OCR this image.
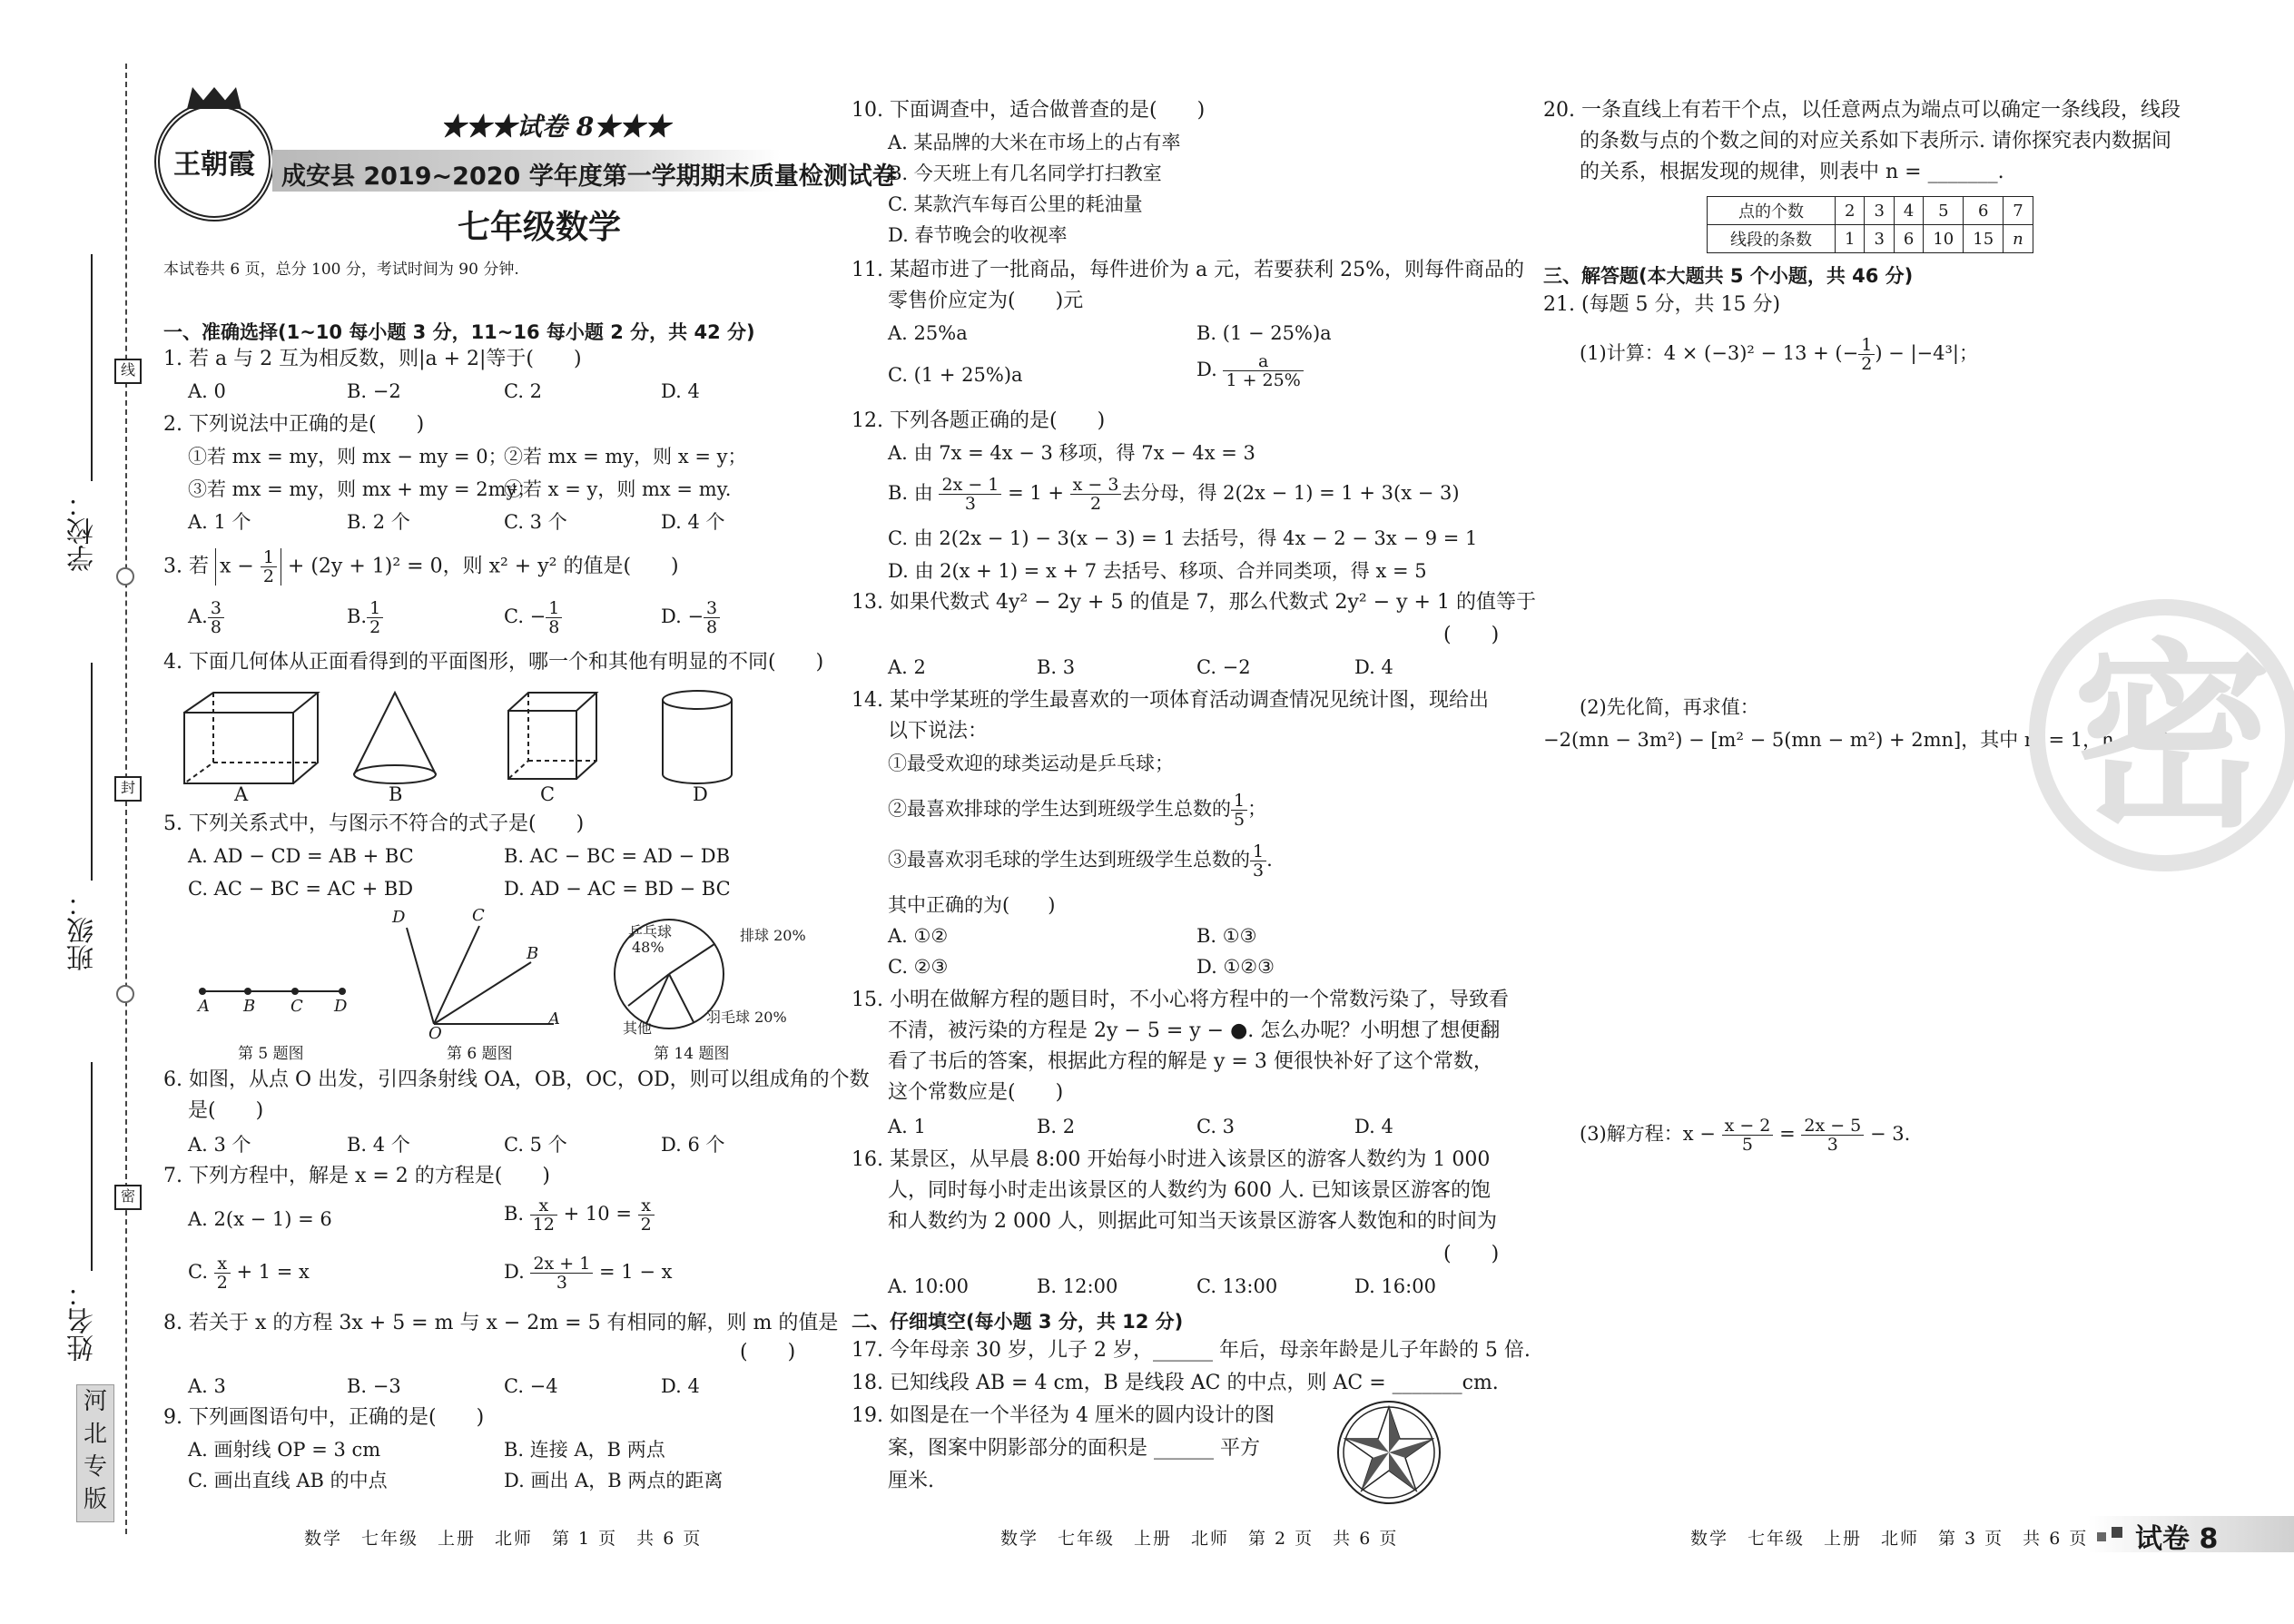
学校：
班级：
姓名：
线
封
密
河
北
专
版
王朝霞
★★★试卷 8★★★
成安县 2019~2020 学年度第一学期期末质量检测试卷
七年级数学
本试卷共 6 页，总分 100 分，考试时间为 90 分钟.
一、准确选择(1~10 每小题 3 分，11~16 每小题 2 分，共 42 分)
1. 若 a 与 2 互为相反数，则|a + 2|等于(　　)
A. 0	B. −2	C. 2	D. 4
2. 下列说法中正确的是(　　)
①若 mx = my，则 mx − my = 0；
②若 mx = my，则 x = y；
③若 mx = my，则 mx + my = 2my；
④若 x = y，则 mx = my.
A. 1 个	B. 2 个	C. 3 个	D. 4 个
3. 若 $x - \frac{1}{2} + (2y + 1)^2 = 0$，则 x² + y² 的值是(　　)
A. $\frac{3}{8}$	B. $\frac{1}{2}$	C. − $\frac{1}{8}$	D. − $\frac{3}{8}$
4. 下面几何体从正面看得到的平面图形，哪一个和其他有明显的不同(　　)
A	B	C	D
5. 下列关系式中，与图示不符合的式子是(　　)
A. AD − CD = AB + BC	B. AC − BC = AD − DB
C. AC − BC = AC + BD	D. AD − AC = BD − BC
A B C D
第 5 题图
D	C
B
A
O
第 6 题图
乒乓球
48%
排球 20%
羽毛球 20%
其他
第 14 题图
6. 如图，从点 O 出发，引四条射线 OA，OB，OC，OD，则可以组成角的个数
是(　　)
A. 3 个	B. 4 个	C. 5 个	D. 6 个
7. 下列方程中，解是 x = 2 的方程是(　　)
A. 2(x − 1) = 6	B. $\frac{x}{12} + 10 = \frac{x}{2}$
C. $\frac{x}{2} + 1 = x$	D. $\frac{2x + 1}{3} = 1 - x$
8. 若关于 x 的方程 3x + 5 = m 与 x − 2m = 5 有相同的解，则 m 的值是
(　　)
A. 3	B. −3	C. −4	D. 4
9. 下列画图语句中，正确的是(　　)
A. 画射线 OP = 3 cm	B. 连接 A，B 两点
C. 画出直线 AB 的中点	D. 画出 A，B 两点的距离
数学　七年级　上册　北师　第 1 页　共 6 页
10. 下面调查中，适合做普查的是(　　)
A. 某品牌的大米在市场上的占有率
B. 今天班上有几名同学打扫教室
C. 某款汽车每百公里的耗油量
D. 春节晚会的收视率
11. 某超市进了一批商品，每件进价为 a 元，若要获利 25%，则每件商品的
零售价应定为(　　)元
A. 25%a	B. (1 − 25%)a
C. (1 + 25%)a	D. $\frac{a}{1 + 25\%}$
12. 下列各题正确的是(　　)
A. 由 7x = 4x − 3 移项，得 7x − 4x = 3
B. 由 $\frac{2x - 1}{3} = 1 + \frac{x - 3}{2}$ 去分母，得 2(2x − 1) = 1 + 3(x − 3)
C. 由 2(2x − 1) − 3(x − 3) = 1 去括号，得 4x − 2 − 3x − 9 = 1
D. 由 2(x + 1) = x + 7 去括号、移项、合并同类项，得 x = 5
13. 如果代数式 4y² − 2y + 5 的值是 7，那么代数式 2y² − y + 1 的值等于
(　　)
A. 2	B. 3	C. −2	D. 4
14. 某中学某班的学生最喜欢的一项体育活动调查情况见统计图，现给出
以下说法：
①最受欢迎的球类运动是乒乓球；
②最喜欢排球的学生达到班级学生总数的 $\frac{1}{5}$ ；
③最喜欢羽毛球的学生达到班级学生总数的 $\frac{1}{3}$ .
其中正确的为(　　)
A. ①②	B. ①③
C. ②③	D. ①②③
15. 小明在做解方程的题目时，不小心将方程中的一个常数污染了，导致看
不清，被污染的方程是 2y − 5 = y − ●. 怎么办呢？小明想了想便翻
看了书后的答案，根据此方程的解是 y = 3 便很快补好了这个常数，
这个常数应是(　　)
A. 1	B. 2	C. 3	D. 4
16. 某景区，从早晨 8:00 开始每小时进入该景区的游客人数约为 1 000
人，同时每小时走出该景区的人数约为 600 人. 已知该景区游客的饱
和人数约为 2 000 人，则据此可知当天该景区游客人数饱和的时间为
(　　)
A. 10:00	B. 12:00	C. 13:00	D. 16:00
二、仔细填空(每小题 3 分，共 12 分)
17. 今年母亲 30 岁，儿子 2 岁，______ 年后，母亲年龄是儿子年龄的 5 倍.
18. 已知线段 AB = 4 cm，B 是线段 AC 的中点，则 AC = _______cm.
19. 如图是在一个半径为 4 厘米的圆内设计的图
案，图案中阴影部分的面积是 ______ 平方
厘米.
数学　七年级　上册　北师　第 2 页　共 6 页
20. 一条直线上有若干个点，以任意两点为端点可以确定一条线段，线段
的条数与点的个数之间的对应关系如下表所示. 请你探究表内数据间
的关系，根据发现的规律，则表中 n = _______.
点的个数	2	3	4	5	6	7
线段的条数	1	3	6	10	15	n
三、解答题(本大题共 5 个小题，共 46 分)
21. (每题 5 分，共 15 分)
(1)计算：4 × (−3)² − 13 + (− $\frac{1}{2}$ ) − |−4³|；
(2)先化简，再求值：
−2(mn − 3m²) − [m² − 5(mn − m²) + 2mn]，其中 m = 1，n = −2；
(3)解方程：$x - \frac{x - 2}{5} = \frac{2x - 5}{3} - 3$.
密
数学　七年级　上册　北师　第 3 页　共 6 页 试卷 8
